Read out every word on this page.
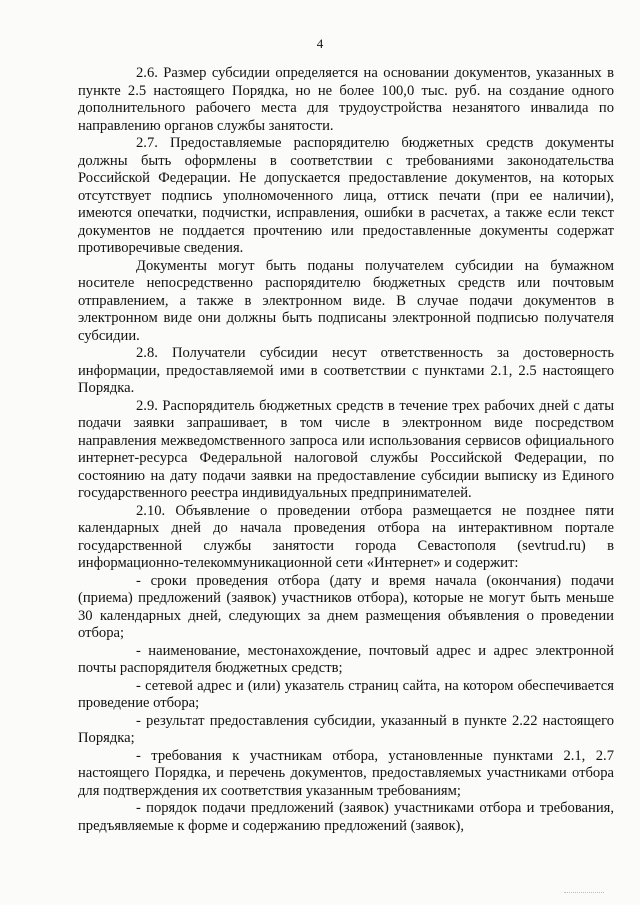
4

2.6. Размер субсидии определяется на основании документов, указанных в пункте 2.5 настоящего Порядка, но не более 100,0 тыс. руб. на создание одного дополнительного рабочего места для трудоустройства незанятого инвалида по направлению органов службы занятости.

2.7. Предоставляемые распорядителю бюджетных средств документы должны быть оформлены в соответствии с требованиями законодательства Российской Федерации. Не допускается предоставление документов, на которых отсутствует подпись уполномоченного лица, оттиск печати (при ее наличии), имеются опечатки, подчистки, исправления, ошибки в расчетах, а также если текст документов не поддается прочтению или предоставленные документы содержат противоречивые сведения.

Документы могут быть поданы получателем субсидии на бумажном носителе непосредственно распорядителю бюджетных средств или почтовым отправлением, а также в электронном виде. В случае подачи документов в электронном виде они должны быть подписаны электронной подписью получателя субсидии.

2.8. Получатели субсидии несут ответственность за достоверность информации, предоставляемой ими в соответствии с пунктами 2.1, 2.5 настоящего Порядка.

2.9. Распорядитель бюджетных средств в течение трех рабочих дней с даты подачи заявки запрашивает, в том числе в электронном виде посредством направления межведомственного запроса или использования сервисов официального интернет-ресурса Федеральной налоговой службы Российской Федерации, по состоянию на дату подачи заявки на предоставление субсидии выписку из Единого государственного реестра индивидуальных предпринимателей.

2.10. Объявление о проведении отбора размещается не позднее пяти календарных дней до начала проведения отбора на интерактивном портале государственной службы занятости города Севастополя (sevtrud.ru) в информационно-телекоммуникационной сети «Интернет» и содержит:

- сроки проведения отбора (дату и время начала (окончания) подачи (приема) предложений (заявок) участников отбора), которые не могут быть меньше 30 календарных дней, следующих за днем размещения объявления о проведении отбора;

- наименование, местонахождение, почтовый адрес и адрес электронной почты распорядителя бюджетных средств;

- сетевой адрес и (или) указатель страниц сайта, на котором обеспечивается проведение отбора;

- результат предоставления субсидии, указанный в пункте 2.22 настоящего Порядка;

- требования к участникам отбора, установленные пунктами 2.1, 2.7 настоящего Порядка, и перечень документов, предоставляемых участниками отбора для подтверждения их соответствия указанным требованиям;

- порядок подачи предложений (заявок) участниками отбора и требования, предъявляемые к форме и содержанию предложений (заявок),
